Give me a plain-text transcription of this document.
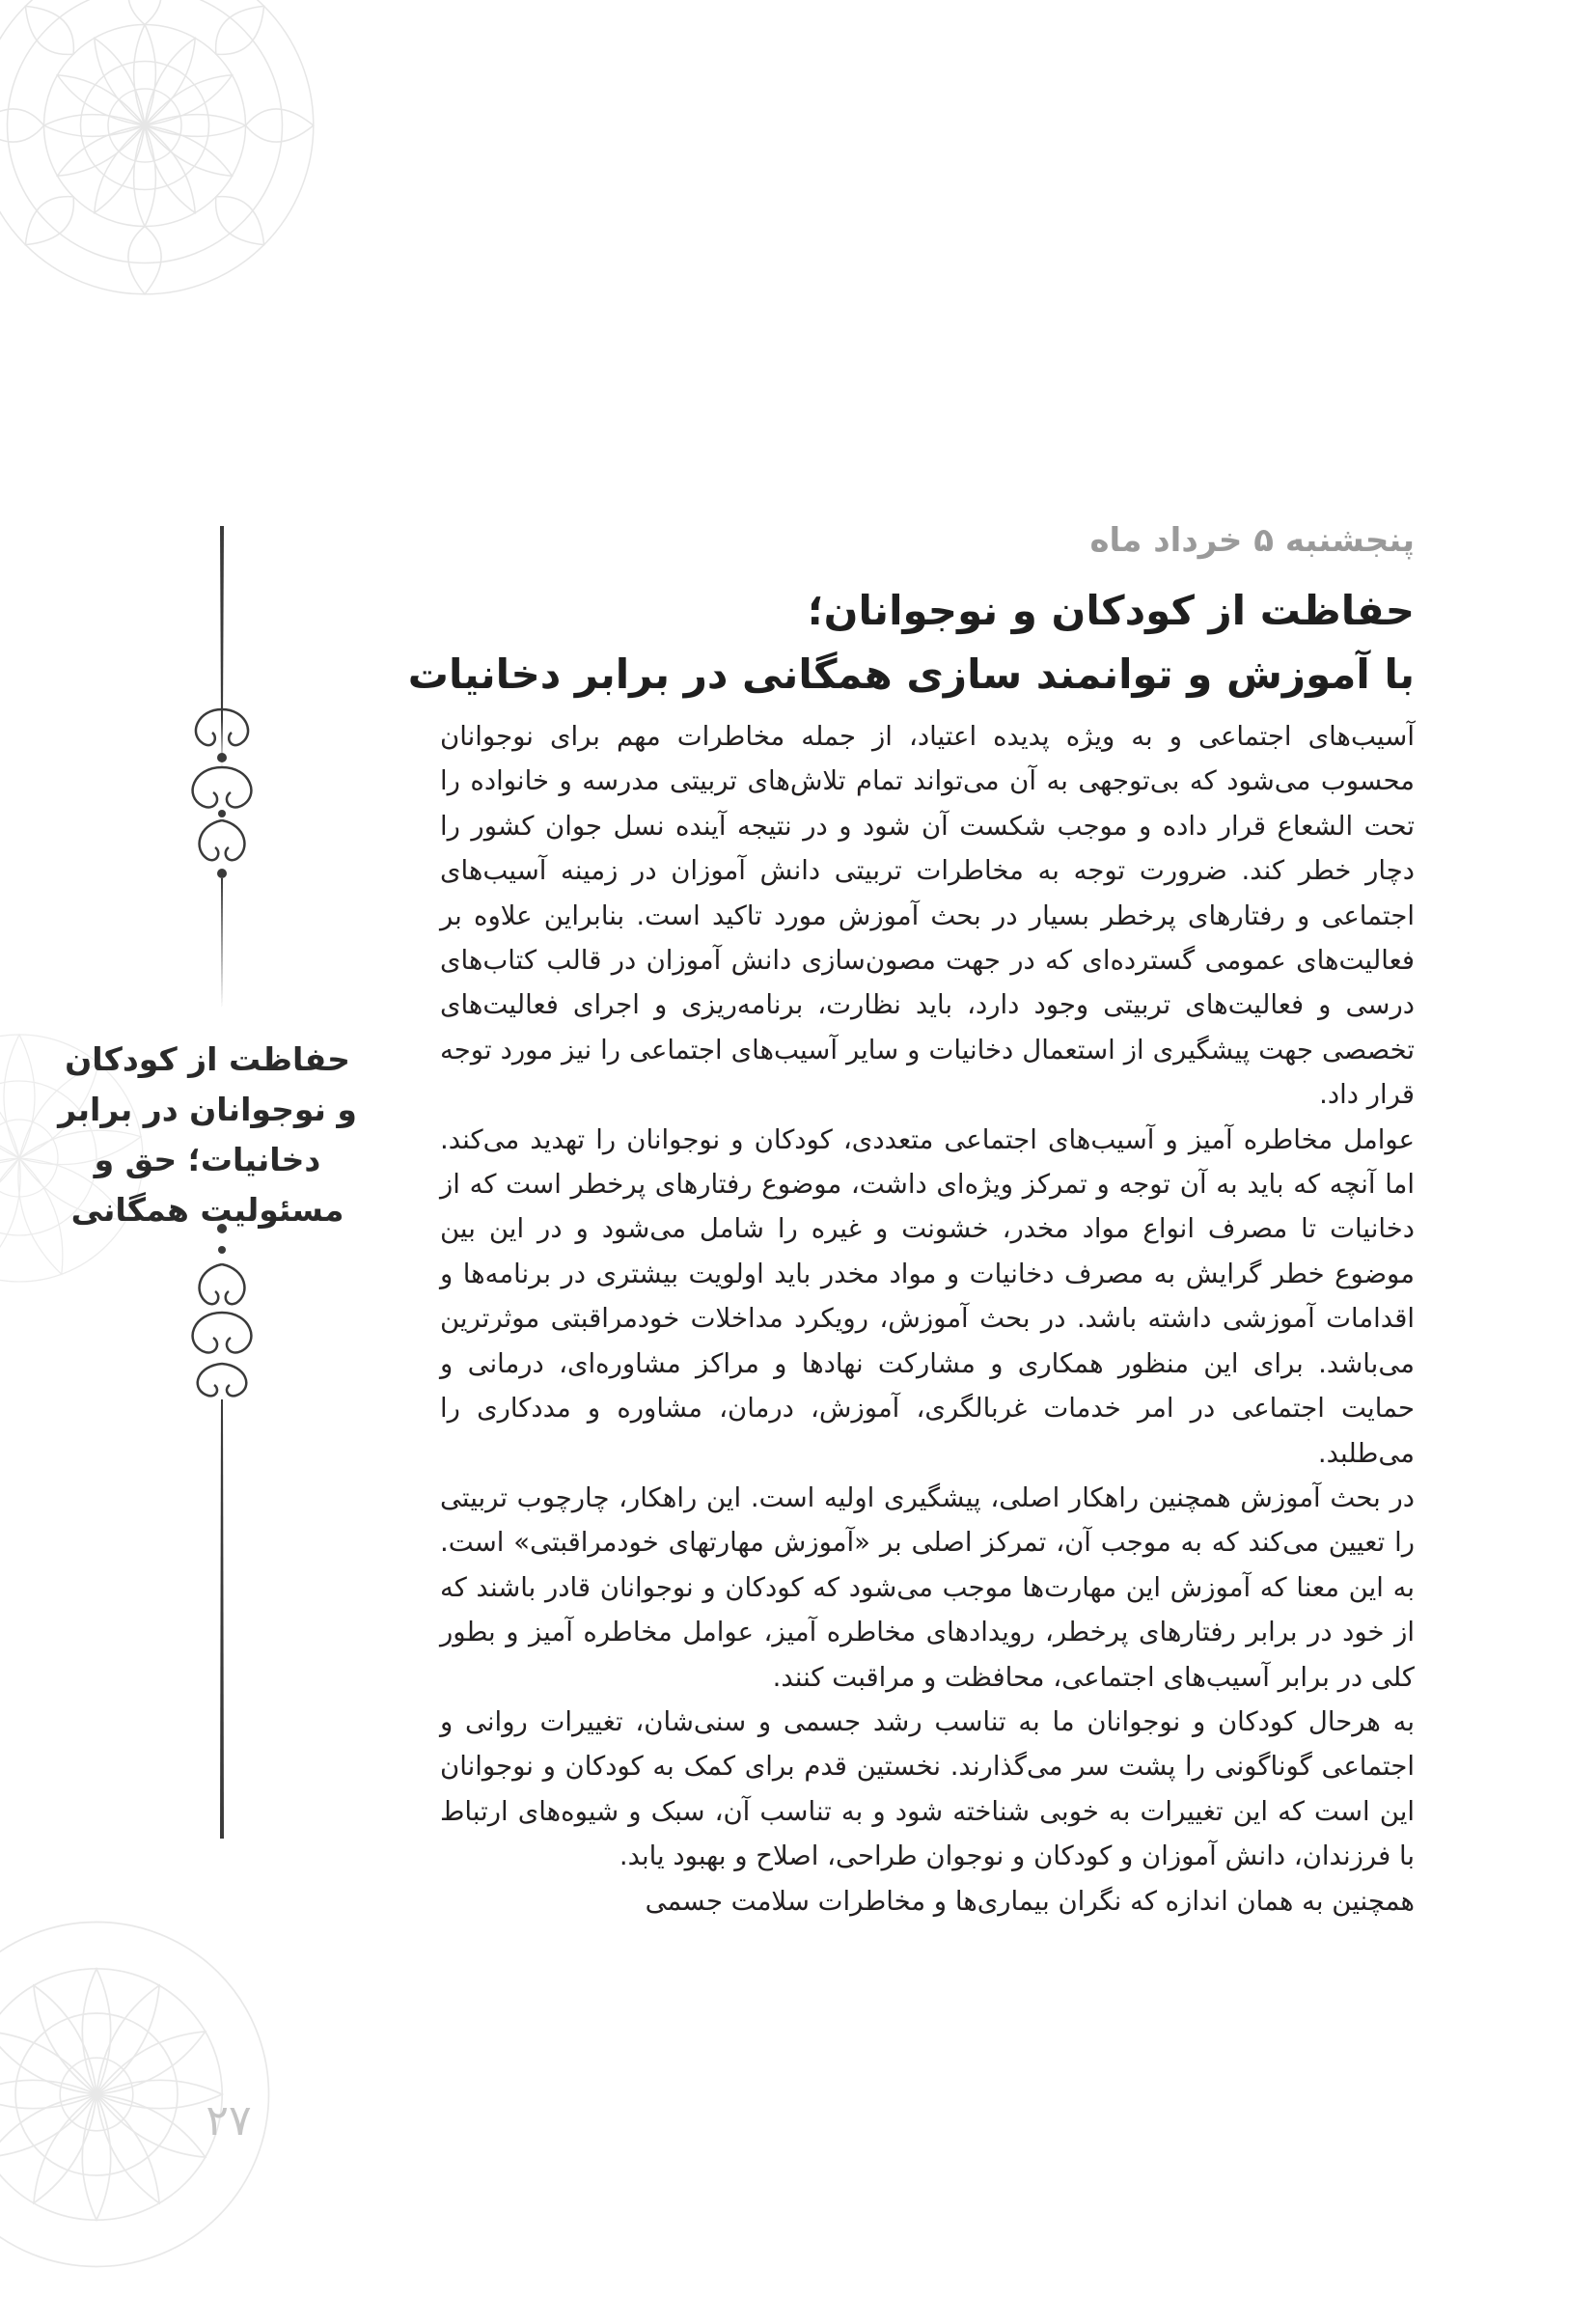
حفاظت از کودکان
و نوجوانان در برابر
دخانیات؛ حق و
مسئولیت همگانی
پنجشنبه ۵ خرداد ماه
حفاظت از کودکان و نوجوانان؛
با آموزش و توانمند سازی همگانی در برابر دخانیات

آسیب‌های اجتماعی و به ویژه پدیده اعتیاد، از جمله مخاطرات مهم برای نوجوانان محسوب می‌شود که بی‌توجهی به آن می‌تواند تمام تلاش‌های تربیتی مدرسه و خانواده را تحت الشعاع قرار داده و موجب شکست آن شود و در نتیجه آینده نسل جوان کشور را دچار خطر کند. ضرورت توجه به مخاطرات تربیتی دانش آموزان در زمینه آسیب‌های اجتماعی و رفتارهای پرخطر بسیار در بحث آموزش مورد تاکید است. بنابراین علاوه بر فعالیت‌های عمومی گسترده‌ای که در جهت مصون‌سازی دانش آموزان در قالب کتاب‌های درسی و فعالیت‌های تربیتی وجود دارد، باید نظارت، برنامه‌ریزی و اجرای فعالیت‌های تخصصی جهت پیشگیری از استعمال دخانیات و سایر آسیب‌های اجتماعی را نیز مورد توجه قرار داد.

عوامل مخاطره آمیز و آسیب‌های اجتماعی متعددی، کودکان و نوجوانان را تهدید می‌کند. اما آنچه که باید به آن توجه و تمرکز ویژه‌ای داشت، موضوع رفتارهای پرخطر است که از دخانیات تا مصرف انواع مواد مخدر، خشونت و غیره را شامل می‌شود و در این بین موضوع خطر گرایش به مصرف دخانیات و مواد مخدر باید اولویت بیشتری در برنامه‌ها و اقدامات آموزشی داشته باشد. در بحث آموزش، رویکرد مداخلات خودمراقبتی موثرترین می‌باشد. برای این منظور همکاری و مشارکت نهادها و مراکز مشاوره‌ای، درمانی و حمایت اجتماعی در امر خدمات غربالگری، آموزش، درمان، مشاوره و مددکاری را می‌طلبد.

در بحث آموزش همچنین راهکار اصلی، پیشگیری اولیه است. این راهکار، چارچوب تربیتی را تعیین می‌کند که به موجب آن، تمرکز اصلی بر «آموزش مهارتهای خودمراقبتی» است. به این معنا که آموزش این مهارت‌ها موجب می‌شود که کودکان و نوجوانان قادر باشند که از خود در برابر رفتارهای پرخطر، رویدادهای مخاطره آمیز، عوامل مخاطره آمیز و بطور کلی در برابر آسیب‌های اجتماعی، محافظت و مراقبت کنند.

به هرحال کودکان و نوجوانان ما به تناسب رشد جسمی و سنی‌شان، تغییرات روانی و اجتماعی گوناگونی را پشت سر می‌گذارند. نخستین قدم برای کمک به کودکان و نوجوانان این است که این تغییرات به خوبی شناخته شود و به تناسب آن، سبک و شیوه‌های ارتباط با فرزندان، دانش آموزان و کودکان و نوجوان طراحی، اصلاح و بهبود یابد.

همچنین به همان اندازه که نگران بیماری‌ها و مخاطرات سلامت جسمی

۲۷
